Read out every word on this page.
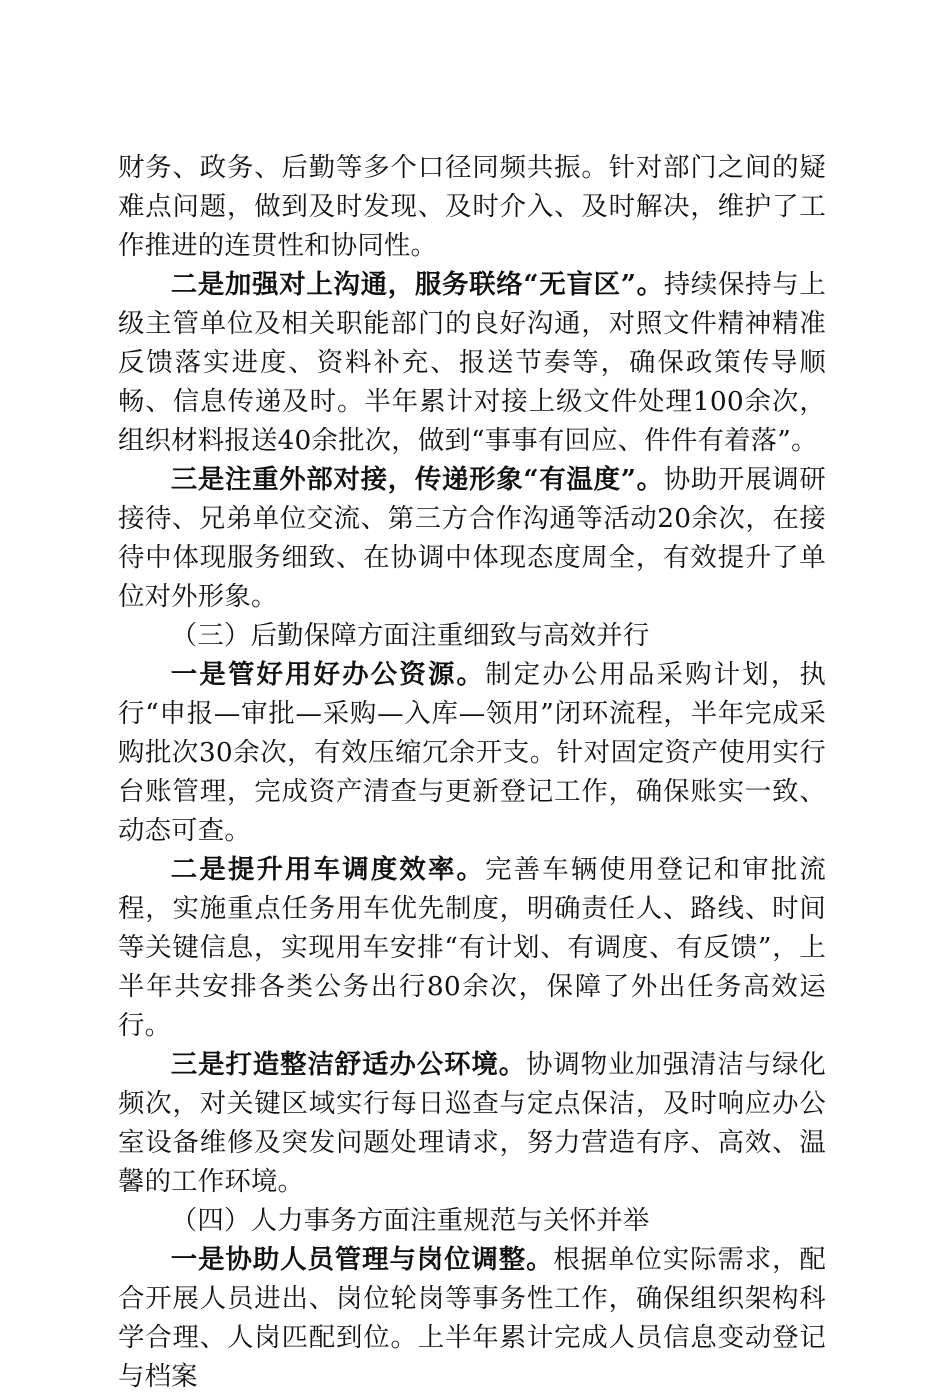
财务、政务、后勤等多个口径同频共振。针对部门之间的疑难点问题，做到及时发现、及时介入、及时解决，维护了工作推进的连贯性和协同性。

二是加强对上沟通，服务联络“无盲区”。持续保持与上级主管单位及相关职能部门的良好沟通，对照文件精神精准反馈落实进度、资料补充、报送节奏等，确保政策传导顺畅、信息传递及时。半年累计对接上级文件处理100余次，组织材料报送40余批次，做到“事事有回应、件件有着落”。

三是注重外部对接，传递形象“有温度”。协助开展调研接待、兄弟单位交流、第三方合作沟通等活动20余次，在接待中体现服务细致、在协调中体现态度周全，有效提升了单位对外形象。

（三）后勤保障方面注重细致与高效并行

一是管好用好办公资源。制定办公用品采购计划，执行“申报—审批—采购—入库—领用”闭环流程，半年完成采购批次30余次，有效压缩冗余开支。针对固定资产使用实行台账管理，完成资产清查与更新登记工作，确保账实一致、动态可查。

二是提升用车调度效率。完善车辆使用登记和审批流程，实施重点任务用车优先制度，明确责任人、路线、时间等关键信息，实现用车安排“有计划、有调度、有反馈”，上半年共安排各类公务出行80余次，保障了外出任务高效运行。

三是打造整洁舒适办公环境。协调物业加强清洁与绿化频次，对关键区域实行每日巡查与定点保洁，及时响应办公室设备维修及突发问题处理请求，努力营造有序、高效、温馨的工作环境。

（四）人力事务方面注重规范与关怀并举

一是协助人员管理与岗位调整。根据单位实际需求，配合开展人员进出、岗位轮岗等事务性工作，确保组织架构科学合理、人岗匹配到位。上半年累计完成人员信息变动登记与档案
